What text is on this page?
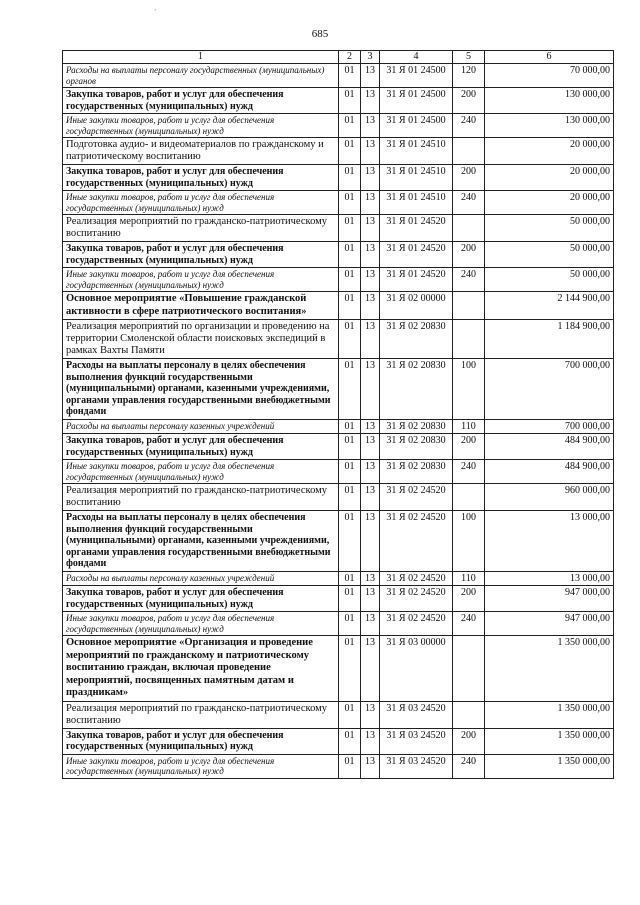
`
685
1	2	3	4	5	6
Расходы на выплаты персоналу государственных (муниципальных) органов	01	13	31 Я 01 24500	120	70 000,00
Закупка товаров, работ и услуг для обеспечения государственных (муниципальных) нужд	01	13	31 Я 01 24500	200	130 000,00
Иные закупки товаров, работ и услуг для обеспечения государственных (муниципальных) нужд	01	13	31 Я 01 24500	240	130 000,00
Подготовка аудио- и видеоматериалов по гражданскому и патриотическому воспитанию	01	13	31 Я 01 24510		20 000,00
Закупка товаров, работ и услуг для обеспечения государственных (муниципальных) нужд	01	13	31 Я 01 24510	200	20 000,00
Иные закупки товаров, работ и услуг для обеспечения государственных (муниципальных) нужд	01	13	31 Я 01 24510	240	20 000,00
Реализация мероприятий по гражданско-патриотическому воспитанию	01	13	31 Я 01 24520		50 000,00
Закупка товаров, работ и услуг для обеспечения государственных (муниципальных) нужд	01	13	31 Я 01 24520	200	50 000,00
Иные закупки товаров, работ и услуг для обеспечения государственных (муниципальных) нужд	01	13	31 Я 01 24520	240	50 000,00
Основное мероприятие «Повышение гражданской активности в сфере патриотического воспитания»	01	13	31 Я 02 00000		2 144 900,00
Реализация мероприятий по организации и проведению на территории Смоленской области поисковых экспедиций в рамках Вахты Памяти	01	13	31 Я 02 20830		1 184 900,00
Расходы на выплаты персоналу в целях обеспечения выполнения функций государственными (муниципальными) органами, казенными учреждениями, органами управления государственными внебюджетными фондами	01	13	31 Я 02 20830	100	700 000,00
Расходы на выплаты персоналу казенных учреждений	01	13	31 Я 02 20830	110	700 000,00
Закупка товаров, работ и услуг для обеспечения государственных (муниципальных) нужд	01	13	31 Я 02 20830	200	484 900,00
Иные закупки товаров, работ и услуг для обеспечения государственных (муниципальных) нужд	01	13	31 Я 02 20830	240	484 900,00
Реализация мероприятий по гражданско-патриотическому воспитанию	01	13	31 Я 02 24520		960 000,00
Расходы на выплаты персоналу в целях обеспечения выполнения функций государственными (муниципальными) органами, казенными учреждениями, органами управления государственными внебюджетными фондами	01	13	31 Я 02 24520	100	13 000,00
Расходы на выплаты персоналу казенных учреждений	01	13	31 Я 02 24520	110	13 000,00
Закупка товаров, работ и услуг для обеспечения государственных (муниципальных) нужд	01	13	31 Я 02 24520	200	947 000,00
Иные закупки товаров, работ и услуг для обеспечения государственных (муниципальных) нужд	01	13	31 Я 02 24520	240	947 000,00
Основное мероприятие «Организация и проведение мероприятий по гражданскому и патриотическому воспитанию граждан, включая проведение мероприятий, посвященных памятным датам и праздникам»	01	13	31 Я 03 00000		1 350 000,00
Реализация мероприятий по гражданско-патриотическому воспитанию	01	13	31 Я 03 24520		1 350 000,00
Закупка товаров, работ и услуг для обеспечения государственных (муниципальных) нужд	01	13	31 Я 03 24520	200	1 350 000,00
Иные закупки товаров, работ и услуг для обеспечения государственных (муниципальных) нужд	01	13	31 Я 03 24520	240	1 350 000,00
